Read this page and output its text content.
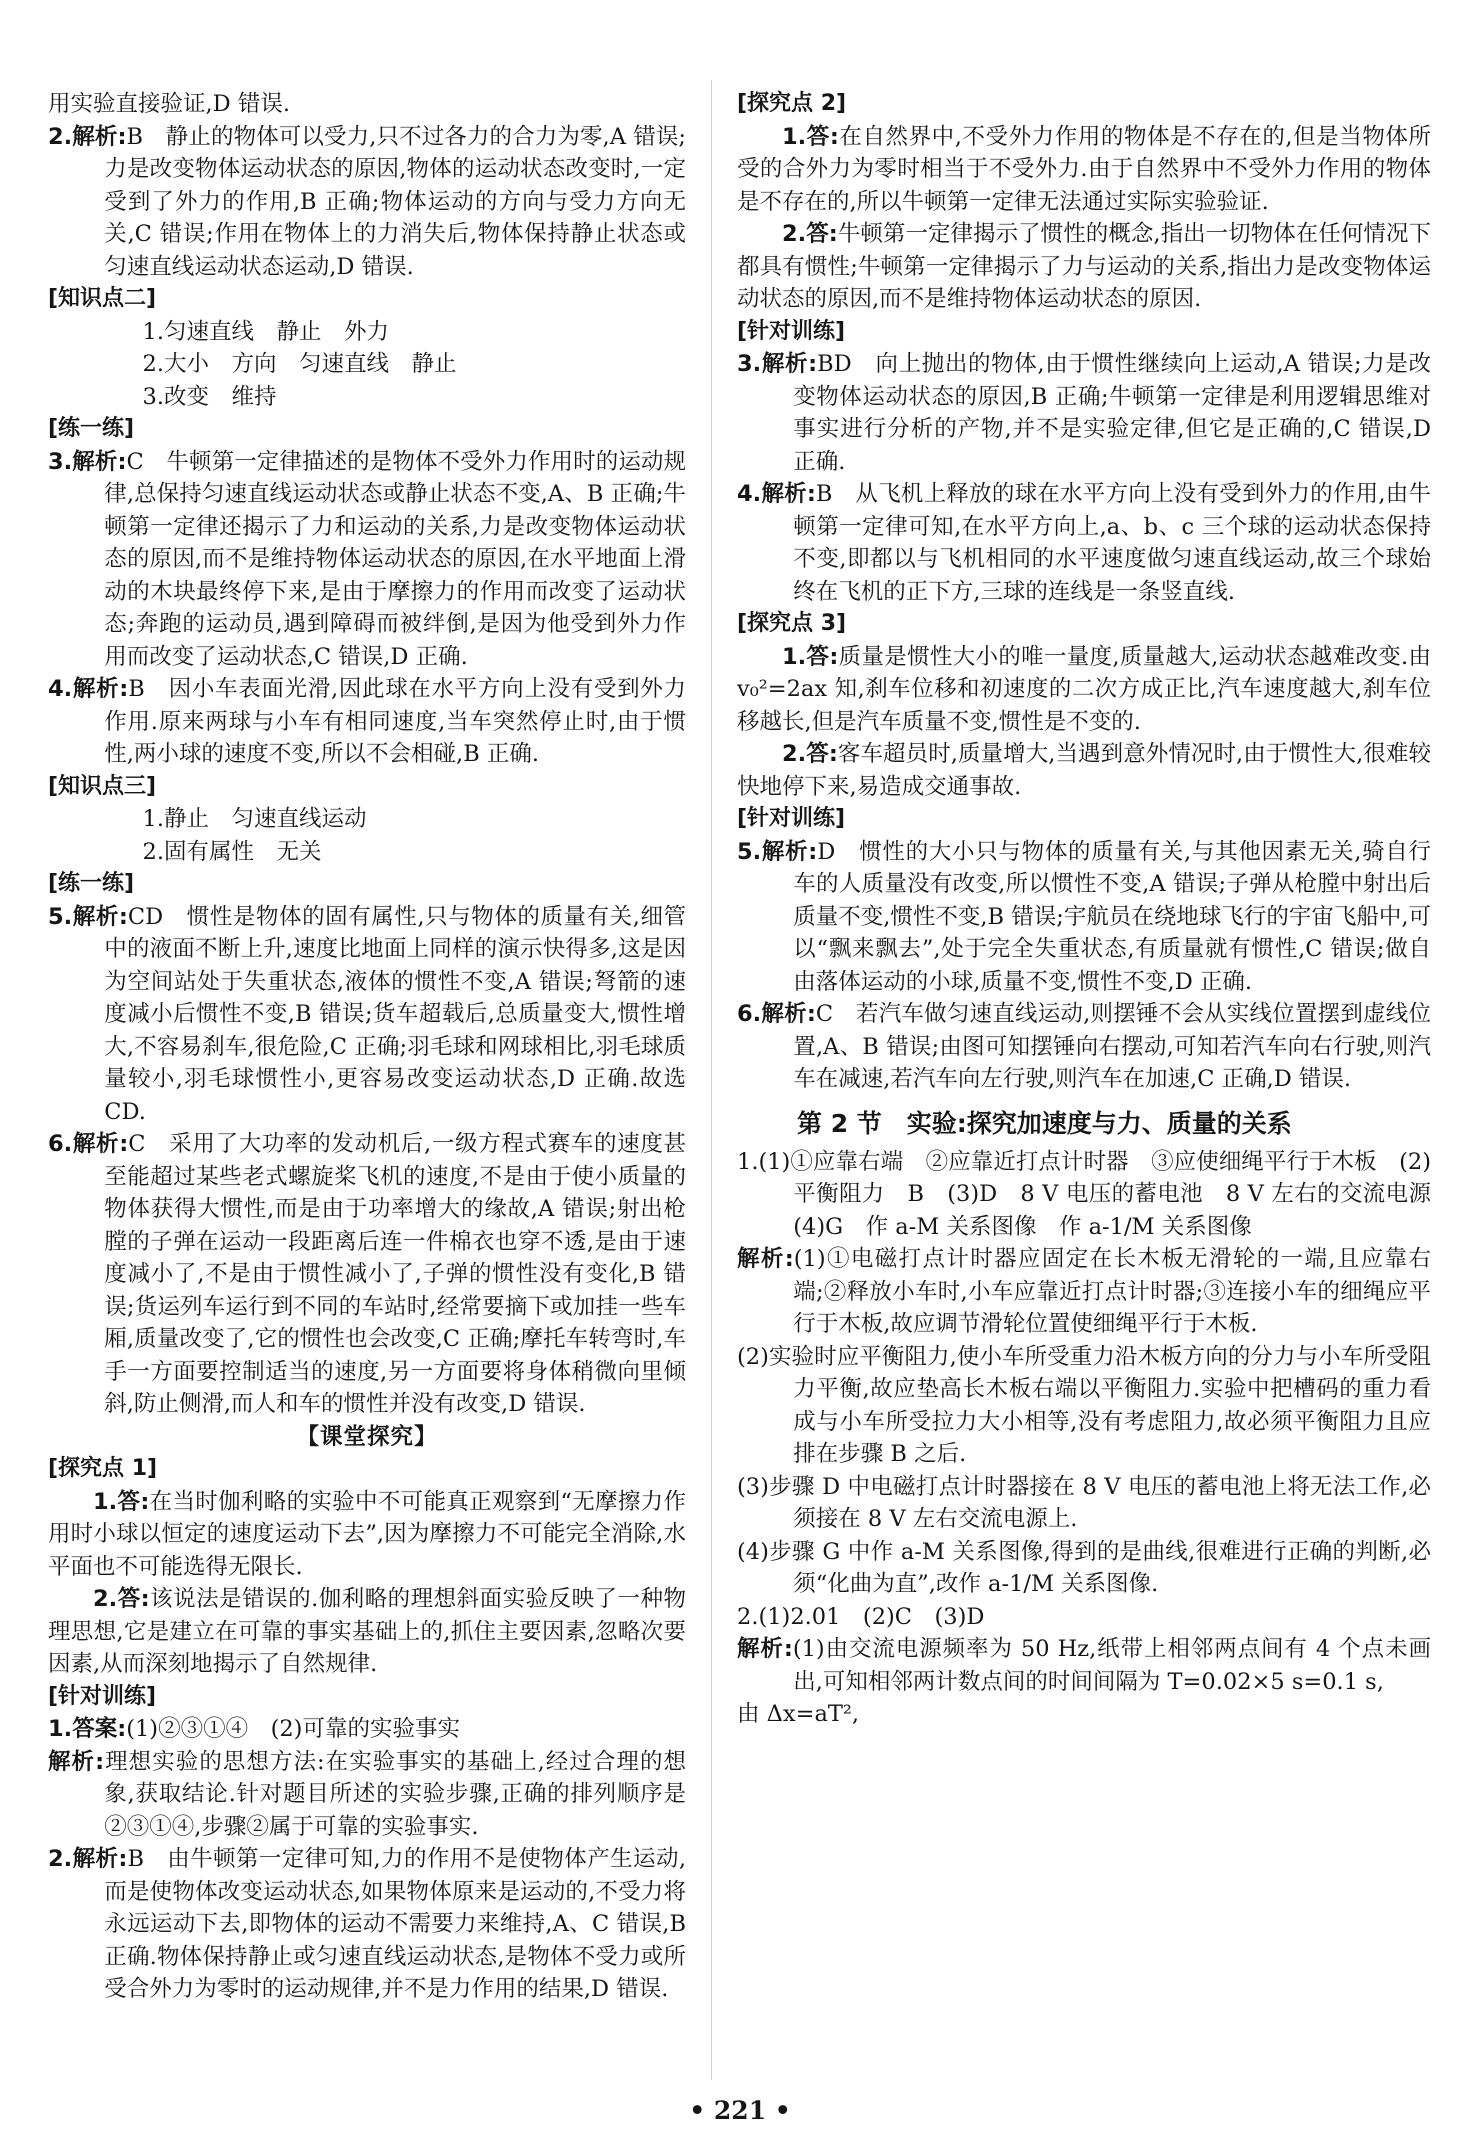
用实验直接验证,D 错误.

2.解析:B　静止的物体可以受力,只不过各力的合力为零,A 错误;力是改变物体运动状态的原因,物体的运动状态改变时,一定受到了外力的作用,B 正确;物体运动的方向与受力方向无关,C 错误;作用在物体上的力消失后,物体保持静止状态或匀速直线运动状态运动,D 错误.

[知识点二]

1.匀速直线　静止　外力

2.大小　方向　匀速直线　静止

3.改变　维持

[练一练]

3.解析:C　牛顿第一定律描述的是物体不受外力作用时的运动规律,总保持匀速直线运动状态或静止状态不变,A、B 正确;牛顿第一定律还揭示了力和运动的关系,力是改变物体运动状态的原因,而不是维持物体运动状态的原因,在水平地面上滑动的木块最终停下来,是由于摩擦力的作用而改变了运动状态;奔跑的运动员,遇到障碍而被绊倒,是因为他受到外力作用而改变了运动状态,C 错误,D 正确.

4.解析:B　因小车表面光滑,因此球在水平方向上没有受到外力作用.原来两球与小车有相同速度,当车突然停止时,由于惯性,两小球的速度不变,所以不会相碰,B 正确.

[知识点三]

1.静止　匀速直线运动

2.固有属性　无关

[练一练]

5.解析:CD　惯性是物体的固有属性,只与物体的质量有关,细管中的液面不断上升,速度比地面上同样的演示快得多,这是因为空间站处于失重状态,液体的惯性不变,A 错误;弩箭的速度减小后惯性不变,B 错误;货车超载后,总质量变大,惯性增大,不容易刹车,很危险,C 正确;羽毛球和网球相比,羽毛球质量较小,羽毛球惯性小,更容易改变运动状态,D 正确.故选 CD.

6.解析:C　采用了大功率的发动机后,一级方程式赛车的速度甚至能超过某些老式螺旋桨飞机的速度,不是由于使小质量的物体获得大惯性,而是由于功率增大的缘故,A 错误;射出枪膛的子弹在运动一段距离后连一件棉衣也穿不透,是由于速度减小了,不是由于惯性减小了,子弹的惯性没有变化,B 错误;货运列车运行到不同的车站时,经常要摘下或加挂一些车厢,质量改变了,它的惯性也会改变,C 正确;摩托车转弯时,车手一方面要控制适当的速度,另一方面要将身体稍微向里倾斜,防止侧滑,而人和车的惯性并没有改变,D 错误.

【课堂探究】

[探究点 1]

1.答:在当时伽利略的实验中不可能真正观察到“无摩擦力作用时小球以恒定的速度运动下去”,因为摩擦力不可能完全消除,水平面也不可能选得无限长.

2.答:该说法是错误的.伽利略的理想斜面实验反映了一种物理思想,它是建立在可靠的事实基础上的,抓住主要因素,忽略次要因素,从而深刻地揭示了自然规律.

[针对训练]

1.答案:(1)②③①④　(2)可靠的实验事实

解析:理想实验的思想方法:在实验事实的基础上,经过合理的想象,获取结论.针对题目所述的实验步骤,正确的排列顺序是②③①④,步骤②属于可靠的实验事实.

2.解析:B　由牛顿第一定律可知,力的作用不是使物体产生运动,而是使物体改变运动状态,如果物体原来是运动的,不受力将永远运动下去,即物体的运动不需要力来维持,A、C 错误,B 正确.物体保持静止或匀速直线运动状态,是物体不受力或所受合外力为零时的运动规律,并不是力作用的结果,D 错误.

[探究点 2]

1.答:在自然界中,不受外力作用的物体是不存在的,但是当物体所受的合外力为零时相当于不受外力.由于自然界中不受外力作用的物体是不存在的,所以牛顿第一定律无法通过实际实验验证.

2.答:牛顿第一定律揭示了惯性的概念,指出一切物体在任何情况下都具有惯性;牛顿第一定律揭示了力与运动的关系,指出力是改变物体运动状态的原因,而不是维持物体运动状态的原因.

[针对训练]

3.解析:BD　向上抛出的物体,由于惯性继续向上运动,A 错误;力是改变物体运动状态的原因,B 正确;牛顿第一定律是利用逻辑思维对事实进行分析的产物,并不是实验定律,但它是正确的,C 错误,D 正确.

4.解析:B　从飞机上释放的球在水平方向上没有受到外力的作用,由牛顿第一定律可知,在水平方向上,a、b、c 三个球的运动状态保持不变,即都以与飞机相同的水平速度做匀速直线运动,故三个球始终在飞机的正下方,三球的连线是一条竖直线.

[探究点 3]

1.答:质量是惯性大小的唯一量度,质量越大,运动状态越难改变.由 v₀²=2ax 知,刹车位移和初速度的二次方成正比,汽车速度越大,刹车位移越长,但是汽车质量不变,惯性是不变的.

2.答:客车超员时,质量增大,当遇到意外情况时,由于惯性大,很难较快地停下来,易造成交通事故.

[针对训练]

5.解析:D　惯性的大小只与物体的质量有关,与其他因素无关,骑自行车的人质量没有改变,所以惯性不变,A 错误;子弹从枪膛中射出后质量不变,惯性不变,B 错误;宇航员在绕地球飞行的宇宙飞船中,可以“飘来飘去”,处于完全失重状态,有质量就有惯性,C 错误;做自由落体运动的小球,质量不变,惯性不变,D 正确.

6.解析:C　若汽车做匀速直线运动,则摆锤不会从实线位置摆到虚线位置,A、B 错误;由图可知摆锤向右摆动,可知若汽车向右行驶,则汽车在减速,若汽车向左行驶,则汽车在加速,C 正确,D 错误.

第 2 节　实验:探究加速度与力、质量的关系

1.(1)①应靠右端　②应靠近打点计时器　③应使细绳平行于木板　(2)平衡阻力　B　(3)D　8 V 电压的蓄电池　8 V 左右的交流电源　(4)G　作 a-M 关系图像　作 a-1/M 关系图像

解析:(1)①电磁打点计时器应固定在长木板无滑轮的一端,且应靠右端;②释放小车时,小车应靠近打点计时器;③连接小车的细绳应平行于木板,故应调节滑轮位置使细绳平行于木板.

(2)实验时应平衡阻力,使小车所受重力沿木板方向的分力与小车所受阻力平衡,故应垫高长木板右端以平衡阻力.实验中把槽码的重力看成与小车所受拉力大小相等,没有考虑阻力,故必须平衡阻力且应排在步骤 B 之后.

(3)步骤 D 中电磁打点计时器接在 8 V 电压的蓄电池上将无法工作,必须接在 8 V 左右交流电源上.

(4)步骤 G 中作 a-M 关系图像,得到的是曲线,很难进行正确的判断,必须“化曲为直”,改作 a-1/M 关系图像.

2.(1)2.01　(2)C　(3)D

解析:(1)由交流电源频率为 50 Hz,纸带上相邻两点间有 4 个点未画出,可知相邻两计数点间的时间间隔为 T=0.02×5 s=0.1 s,

由 Δx=aT²,

• 221 •
